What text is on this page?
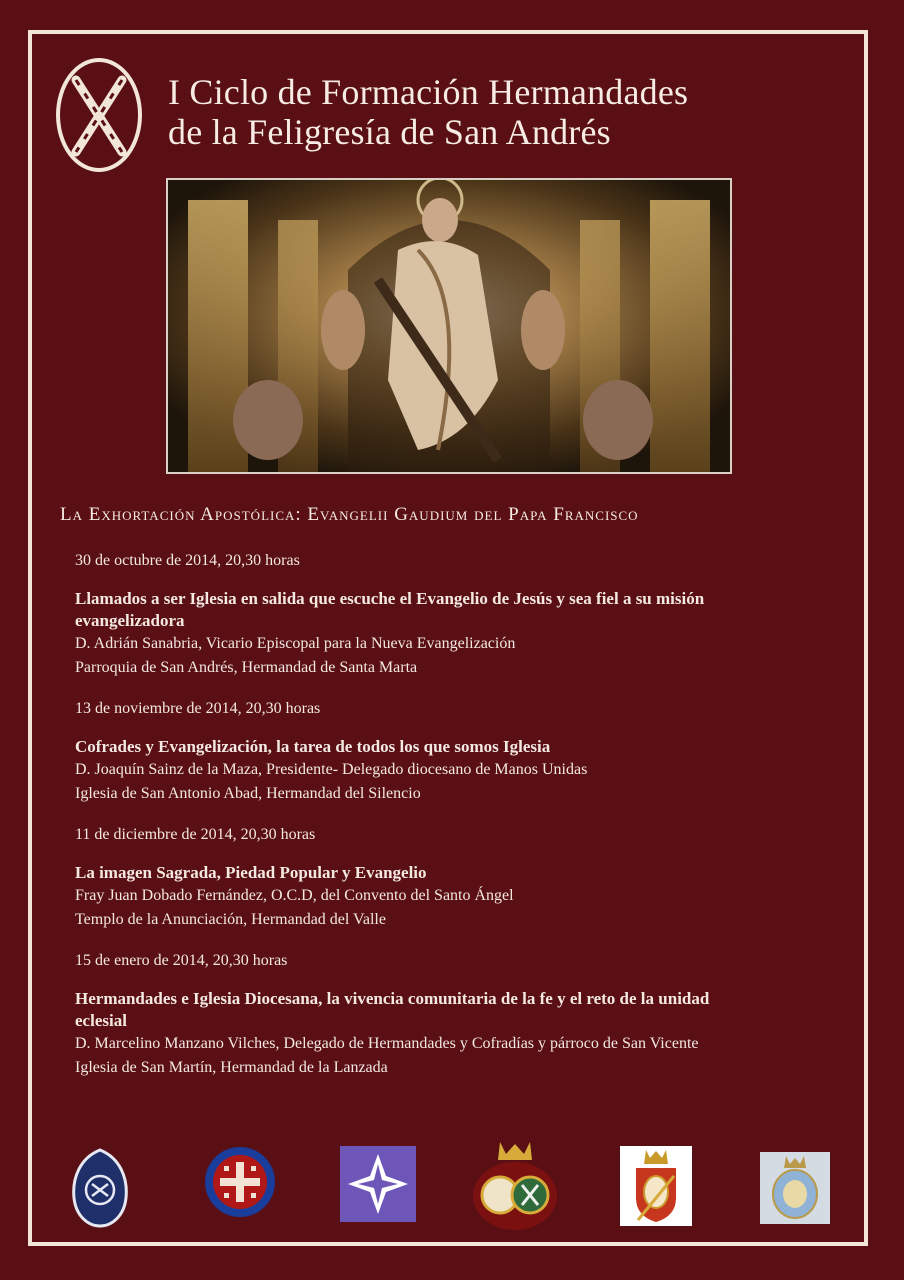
I Ciclo de Formación Hermandades
de la Feligresía de San Andrés
La Exhortación Apostólica: Evangelii Gaudium del Papa Francisco
30 de octubre de 2014, 20,30 horas
Llamados a ser Iglesia en salida que escuche el Evangelio de Jesús y sea fiel a su misión
evangelizadora
D. Adrián Sanabria, Vicario Episcopal para la Nueva Evangelización
Parroquia de San Andrés, Hermandad de Santa Marta
13 de noviembre de 2014, 20,30 horas
Cofrades y Evangelización, la tarea de todos los que somos Iglesia
D. Joaquín Sainz de la Maza, Presidente- Delegado diocesano de Manos Unidas
Iglesia de San Antonio Abad, Hermandad del Silencio
11 de diciembre de 2014, 20,30 horas
La imagen Sagrada, Piedad Popular y Evangelio
Fray Juan Dobado Fernández, O.C.D, del Convento del Santo Ángel
Templo de la Anunciación, Hermandad del Valle
15 de enero de 2014, 20,30 horas
Hermandades e Iglesia Diocesana, la vivencia comunitaria de la fe y el reto de la unidad
eclesial
D. Marcelino Manzano Vilches, Delegado de Hermandades y Cofradías y párroco de San Vicente
Iglesia de San Martín, Hermandad de la Lanzada
